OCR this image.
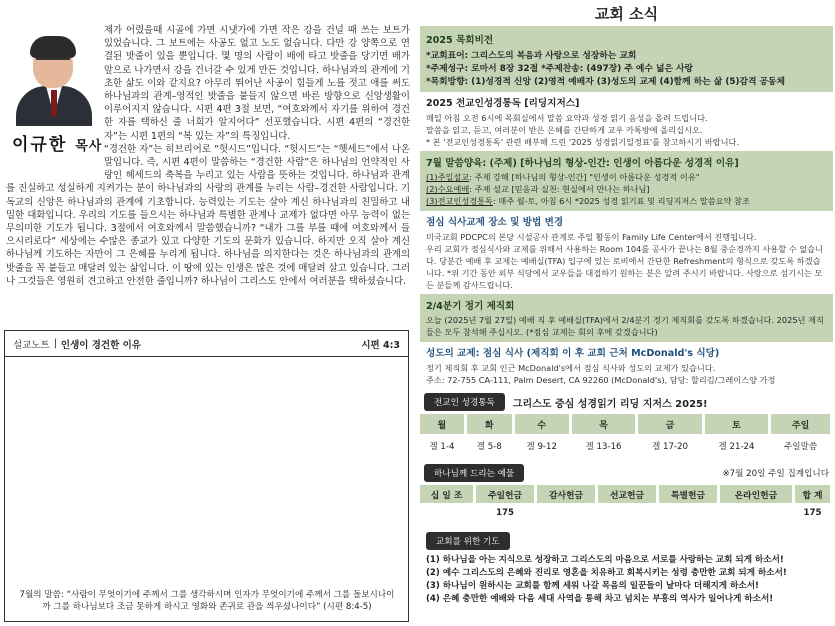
제가 어렸을때 시골에 가면 시냇가에 가면 작은 강을 건널 때 쓰는 보트가 있었습니다. 그 보트에는 사공도 없고 노도 없습니다. 다만 강 양쪽으로 연결된 밧줄이 있을 뿐입니다. 몇 명의 사람이 배에 타고 밧줄을 당기면 배가 앞으로 나가면서 강을 건너갈 수 있게 만든 것입니다. 하나님과의 관계에 기초한 삶도 이와 같지요? 아무리 뛰어난 사공이 힘들게 노를 젓고 애를 써도 하나님과의 관계–영적인 밧줄을 붙들지 않으면 바른 방향으로 신앙생활이 이루어지지 않습니다. 시편 4편 3절 보면, “여호와께서 자기를 위하여 경건한 자를 택하신 줄 너희가 알지어다” 선포했습니다. 시편 4편의 “경건한 자”는 시편 1편의 “복 있는 자”의 특징입니다.

“경건한 자”는 히브리어로 “헛시드”입니다. “헛시드”는 “헷세드”에서 나온 말입니다. 즉, 시편 4편이 말씀하는 “경건한 사람”은 하나님의 언약적인 사랑인 헤세드의 축복을 누리고 있는 사람을 뜻하는 것입니다. 하나님과 관계를 진실하고 성실하게 지켜가는 분이 하나님과의 사랑의 관계를 누리는 사람–경건한 사람입니다. 기독교의 신앙은 하나님과의 관계에 기초합니다. 능력있는 기도는 살아 계신 하나님과의 친밀하고 내밀한 대화입니다. 우리의 기도를 들으시는 하나님과 특별한 관계나 교제가 없다면 아무 능력이 없는 무의미한 기도가 됩니다. 3절에서 여호와께서 말씀했습니까? “내가 그를 부를 때에 여호와께서 들으시리로다” 세상에는 수많은 종교가 있고 다양한 기도의 문화가 있습니다. 하지만 오직 살아 계신 하나님께 기도하는 자만이 그 은혜를 누리게 됩니다. 하나님을 의지한다는 것은 하나님과의 관계의 밧줄을 꼭 붙들고 매달려 있는 삶입니다. 이 땅에 있는 인생은 많은 것에 매달려 살고 있습니다. 그러나 그것들은 영원히 견고하고 안전한 줄입니까? 하나님이 그리스도 안에서 여러분을 택하셨습니다.

이규한 목사
설교노트 | 인생이 경건한 이유	시편 4:3
7월의 말씀: “사람이 무엇이기에 주께서 그를 생각하시며 인자가 무엇이기에 주께서 그를 돌보시나이까 그를 하나님보다 조금 못하게 하시고 영화와 존귀로 관을 씌우셨나이다” (시편 8:4-5)
교회 소식
2025 목회비전
*교회표어: 그리스도의 복음과 사랑으로 성장하는 교회
*주제성구: 로마서 8장 32절 *주제찬송: (497장) 주 예수 넓은 사랑
*목회방향: (1)성경적 신앙 (2)영적 예배자 (3)성도의 교제 (4)함께 하는 삶 (5)감격 공동체
2025 전교인성경통독 [리딩지저스]
매일 아침 오전 6시에 목회실에서 말씀 요약과 성경 읽기 음성을 올려 드립니다.
말씀을 읽고, 듣고, 여러분이 받은 은혜를 간단하게 교우 카톡방에 올리십시오.
* 본 '전교인성경통독' 관련 배부해 드린 '2025 성경읽기일정표'를 참고하시기 바랍니다.
7월 말씀양육: (주제) [하나님의 형상-인간: 인생이 아름다운 성경적 이유]
(1)주일설교: 주제 강해 [하나님의 형상-인간] "인생이 아름다운 성경적 이유"
(2)수요예배: 주제 설교 [믿음과 실천: 현실에서 만나는 하나님]
(3)전교인성경통독: 매주 월-토, 아침 6시 *2025 성경 읽기표 및 리딩지저스 말씀요약 참조
점심 식사교제 장소 및 방법 변경
미국교회 PDCPC의 본당 시설공사 관계로 주일 활동이 Family Life Center에서 진행됩니다.
우리 교회가 점심식사와 교제를 위해서 사용하는 Room 104를 공사가 끝나는 8월 중순경까지 사용할 수 없습니다. 당분간 예배 후 교제는 예배실(TFA) 입구에 있는 로비에서 간단한 Refreshment의 형식으로 갖도록 하겠습니다. *위 기간 동안 외부 식당에서 교우들을 대접하기 원하는 분은 알려 주시기 바랍니다. 사랑으로 섬기시는 모든 분들께 감사드립니다.
2/4분기 정기 제직회
오늘 (2025년 7월 27일) 예배 직 후 예배실(TFA)에서 2/4분기 정기 제직회를 갖도록 하겠습니다. 2025년 제직들은 모두 참석해 주십시오. (*점심 교제는 회의 후에 갖겠습니다)
성도의 교제: 점심 식사 (제직회 이 후 교회 근처 McDonald's 식당)
정기 제직회 후 교회 인근 McDonald's에서 점심 식사와 성도의 교제가 있습니다.
주소: 72-755 CA-111, Palm Desert, CA 92260 (McDonald's), 담당: 할리김/그레이스양 가정
전교인 성경통독	그리스도 중심 성경읽기 리딩 지저스 2025!
월	화	수	목	금	토	주일
겔 1-4	겔 5-8	겔 9-12	겔 13-16	겔 17-20	겔 21-24	주일말씀
하나님께 드리는 예물	※7월 20일 주일 집계입니다
십 일 조	주일헌금	감사헌금	선교헌금	특별헌금	온라인헌금	합 계
	175					175
교회를 위한 기도
(1) 하나님을 아는 지식으로 성장하고 그리스도의 마음으로 서로를 사랑하는 교회 되게 하소서!
(2) 예수 그리스도의 은혜와 진리로 영혼을 치유하고 회복시키는 성령 충만한 교회 되게 하소서!
(3) 하나님이 원하시는 교회를 함께 세워 나갈 목음의 일꾼들이 날마다 더해지게 하소서!
(4) 은혜 충만한 예배와 다음 세대 사역을 통해 차고 넘치는 부흥의 역사가 일어나게 하소서!
